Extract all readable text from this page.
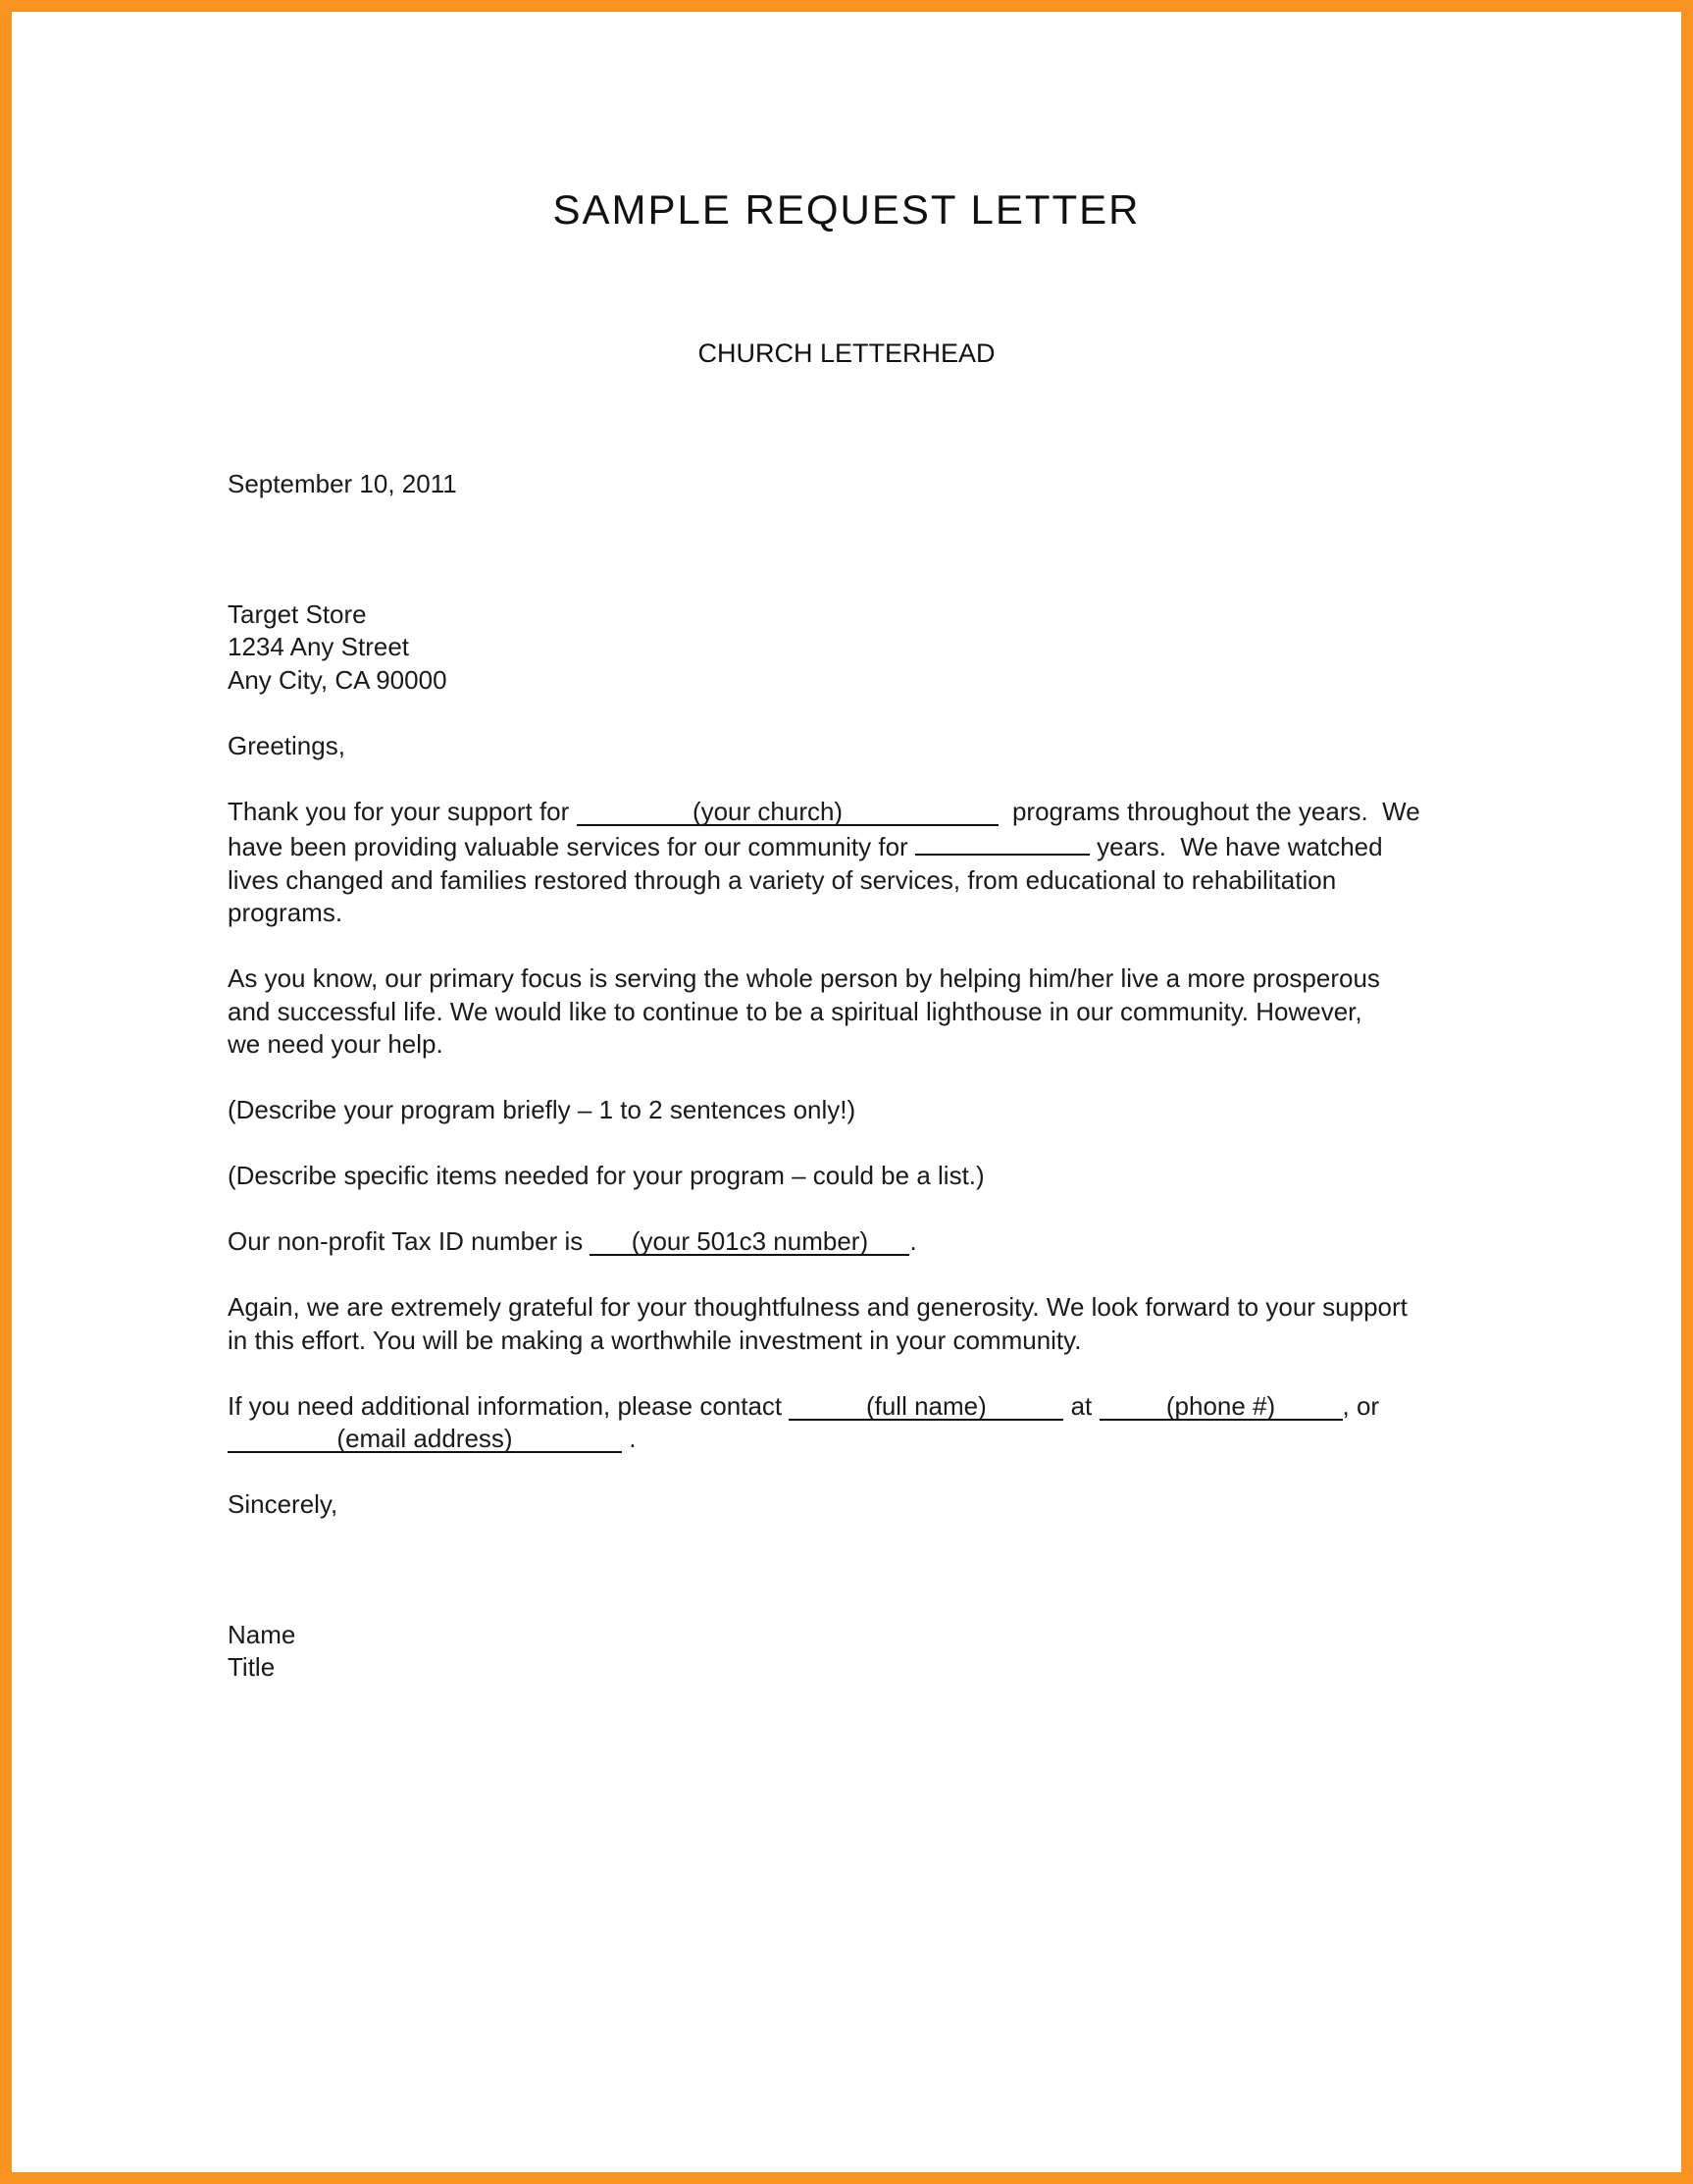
SAMPLE REQUEST LETTER
CHURCH LETTERHEAD

September 10, 2011

Target Store

1234 Any Street

Any City, CA 90000

Greetings,

Thank you for your support for	(your church)	programs throughout the years.  We

have been providing valuable services for our community for	years.  We have watched

lives changed and families restored through a variety of services, from educational to rehabilitation

programs.

As you know, our primary focus is serving the whole person by helping him/her live a more prosperous

and successful life. We would like to continue to be a spiritual lighthouse in our community. However,

we need your help.

(Describe your program briefly – 1 to 2 sentences only!)

(Describe specific items needed for your program – could be a list.)

Our non-profit Tax ID number is (your 501c3 number) .

Again, we are extremely grateful for your thoughtfulness and generosity. We look forward to your support

in this effort. You will be making a worthwhile investment in your community.

If you need additional information, please contact	(full name)	at	(phone #)	, or

(email address)	.

Sincerely,

Name

Title
